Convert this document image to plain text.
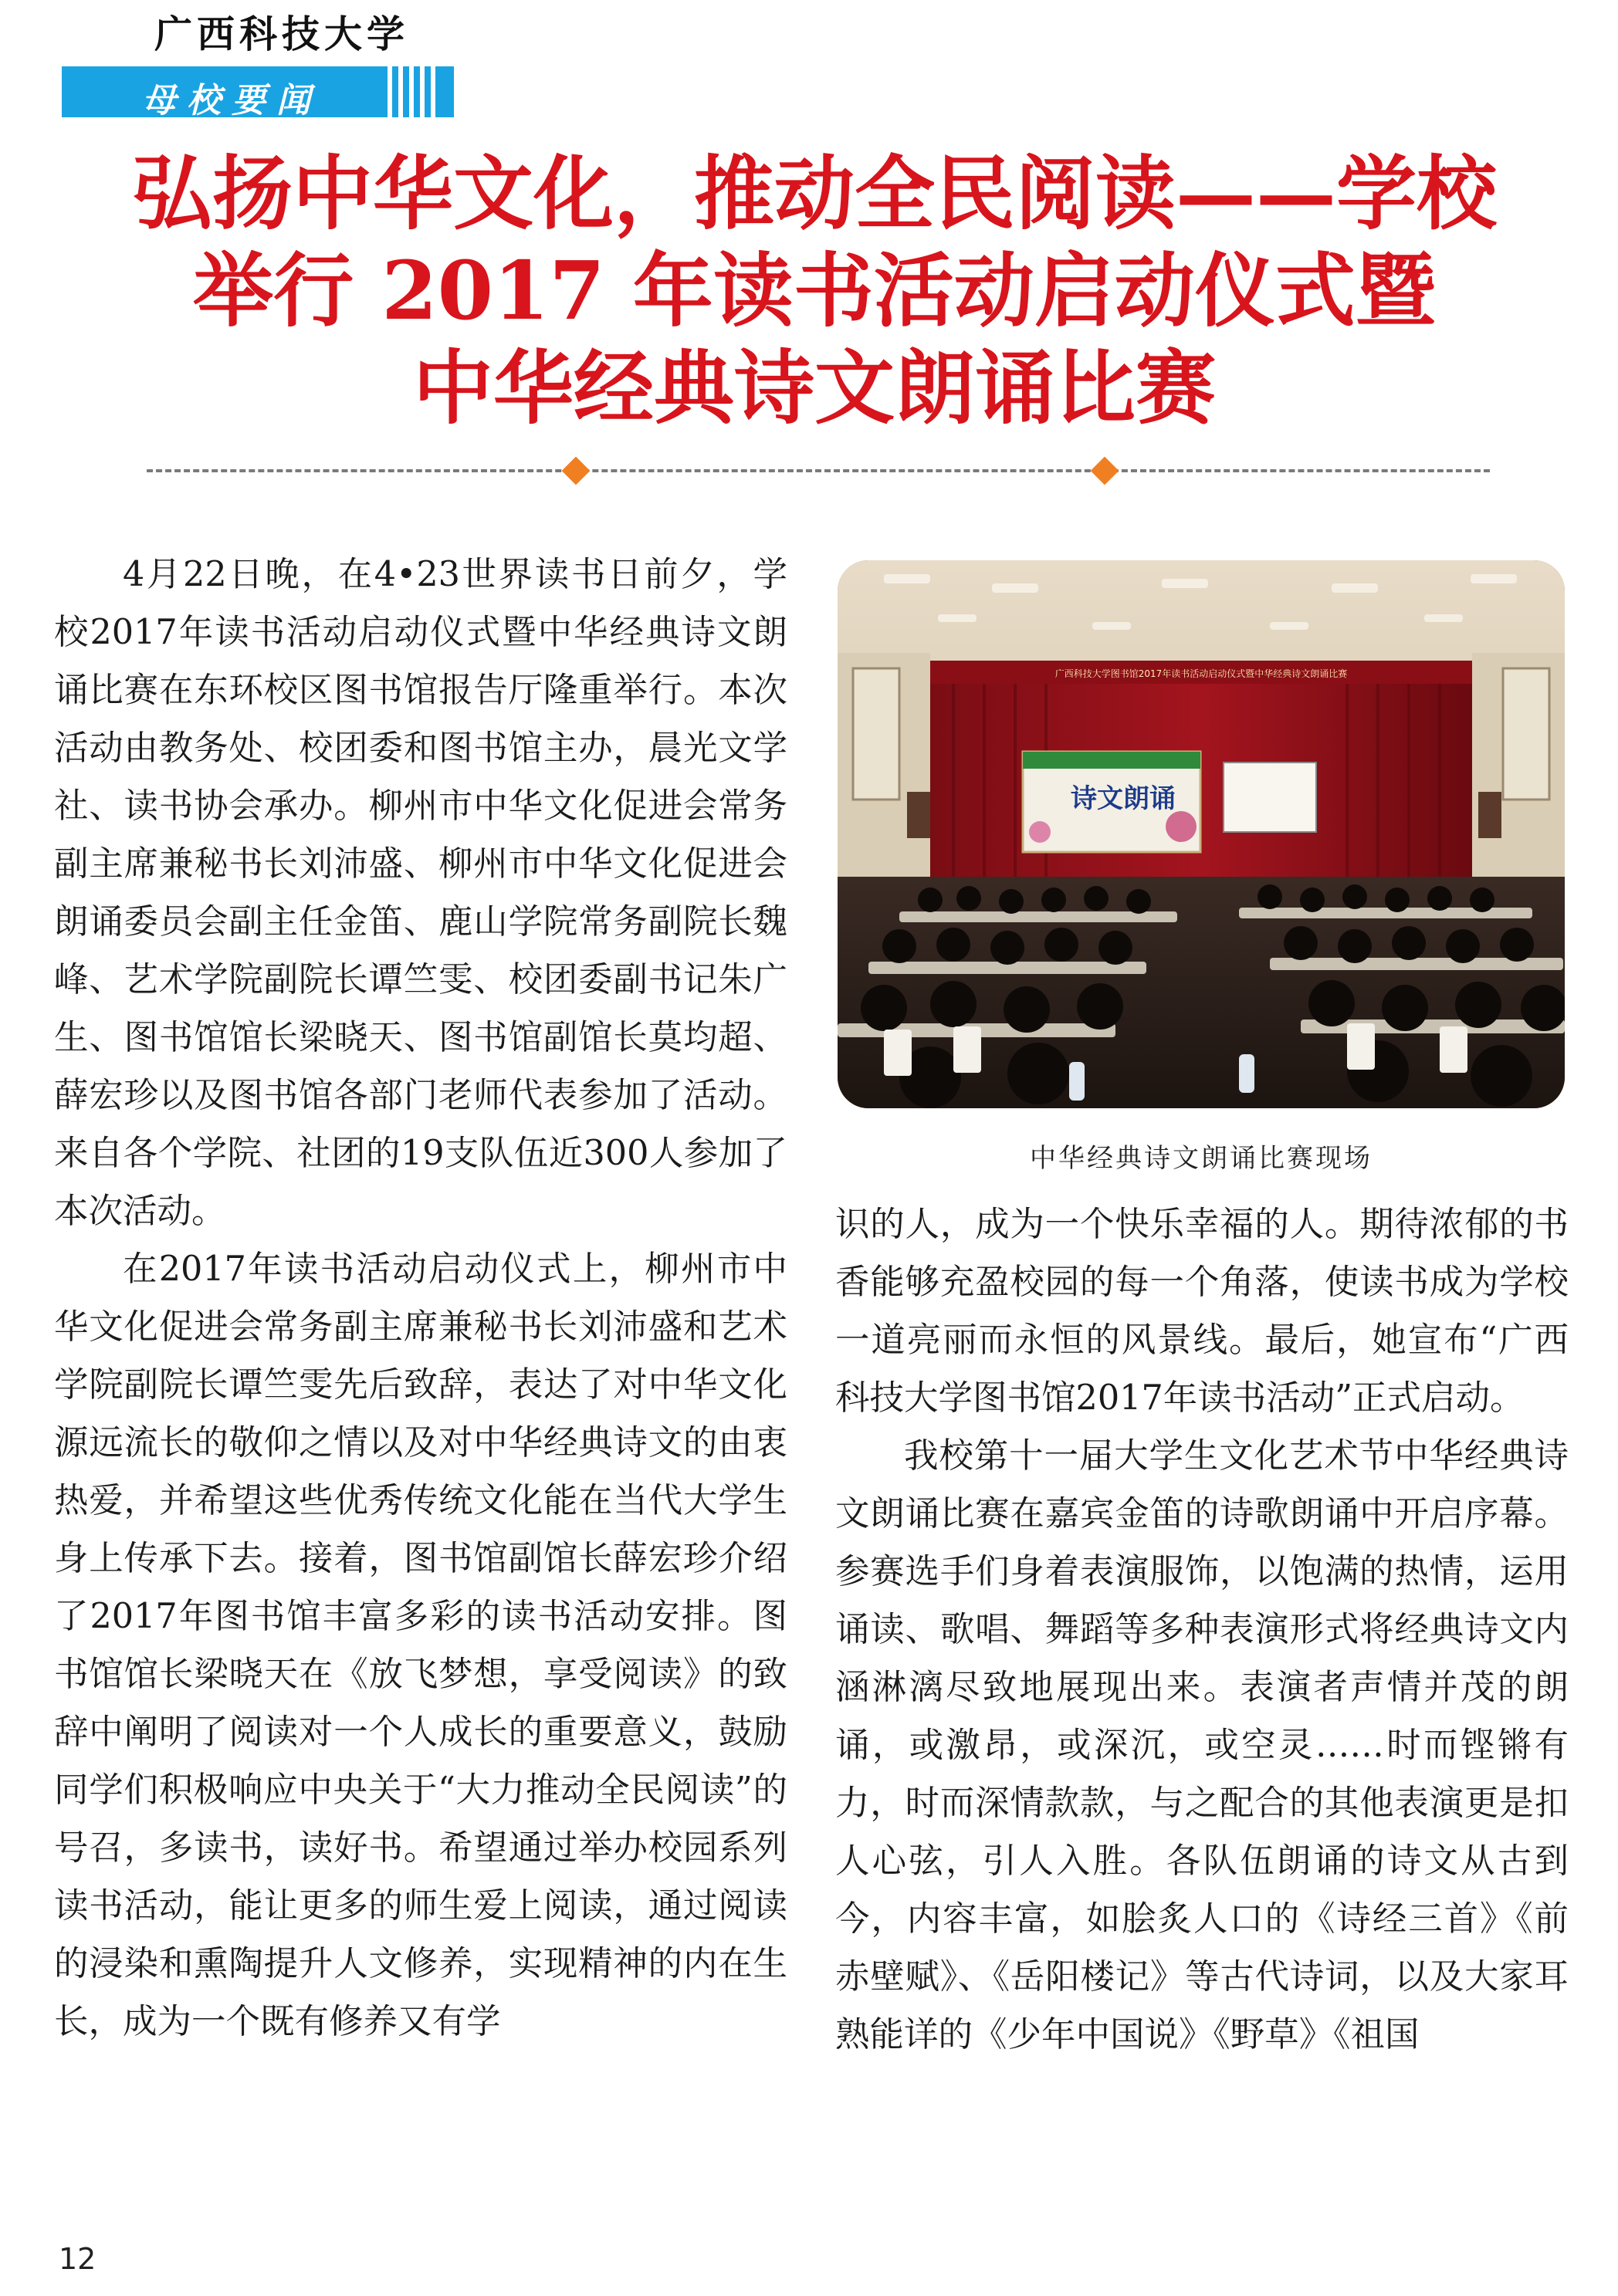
广西科技大学

母校要闻
弘扬中华文化，推动全民阅读——学校
举行 2017 年读书活动启动仪式暨
中华经典诗文朗诵比赛

4月22日晚，在4•23世界读书日前夕，学校2017年读书活动启动仪式暨中华经典诗文朗诵比赛在东环校区图书馆报告厅隆重举行。本次活动由教务处、校团委和图书馆主办，晨光文学社、读书协会承办。柳州市中华文化促进会常务副主席兼秘书长刘沛盛、柳州市中华文化促进会朗诵委员会副主任金笛、鹿山学院常务副院长魏峰、艺术学院副院长谭竺雯、校团委副书记朱广生、图书馆馆长梁晓天、图书馆副馆长莫均超、薛宏珍以及图书馆各部门老师代表参加了活动。来自各个学院、社团的19支队伍近300人参加了本次活动。

在2017年读书活动启动仪式上，柳州市中华文化促进会常务副主席兼秘书长刘沛盛和艺术学院副院长谭竺雯先后致辞，表达了对中华文化源远流长的敬仰之情以及对中华经典诗文的由衷热爱，并希望这些优秀传统文化能在当代大学生身上传承下去。接着，图书馆副馆长薛宏珍介绍了2017年图书馆丰富多彩的读书活动安排。图书馆馆长梁晓天在《放飞梦想，享受阅读》的致辞中阐明了阅读对一个人成长的重要意义，鼓励同学们积极响应中央关于“大力推动全民阅读”的号召，多读书，读好书。希望通过举办校园系列读书活动，能让更多的师生爱上阅读，通过阅读的浸染和熏陶提升人文修养，实现精神的内在生长，成为一个既有修养又有学

广西科技大学图书馆2017年读书活动启动仪式暨中华经典诗文朗诵比赛
诗文朗诵

中华经典诗文朗诵比赛现场

识的人，成为一个快乐幸福的人。期待浓郁的书香能够充盈校园的每一个角落，使读书成为学校一道亮丽而永恒的风景线。最后，她宣布“广西科技大学图书馆2017年读书活动”正式启动。

我校第十一届大学生文化艺术节中华经典诗文朗诵比赛在嘉宾金笛的诗歌朗诵中开启序幕。参赛选手们身着表演服饰，以饱满的热情，运用诵读、歌唱、舞蹈等多种表演形式将经典诗文内涵淋漓尽致地展现出来。表演者声情并茂的朗诵，或激昂，或深沉，或空灵……时而铿锵有力，时而深情款款，与之配合的其他表演更是扣人心弦，引人入胜。各队伍朗诵的诗文从古到今，内容丰富，如脍炙人口的《诗经三首》《前赤壁赋》、《岳阳楼记》等古代诗词，以及大家耳熟能详的《少年中国说》《野草》《祖国

12
